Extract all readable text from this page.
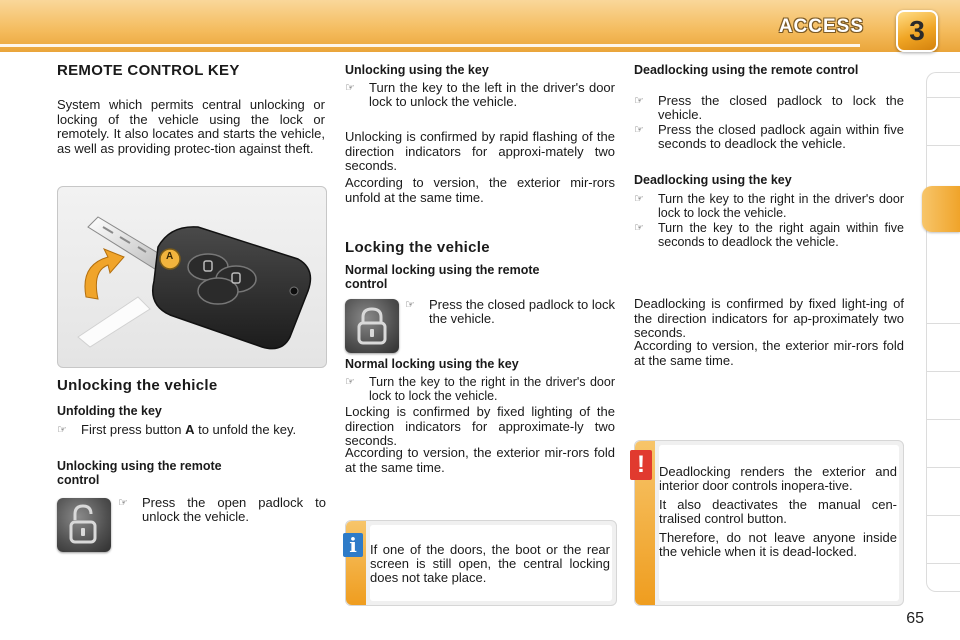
ACCESS	3
REMOTE CONTROL KEY
System which permits central unlocking or locking of the vehicle using the lock or remotely. It also locates and starts the vehicle, as well as providing protec-tion against theft.
A
Unlocking the vehicle
Unfolding the key
☞	First press button A to unfold the key.
Unlocking using the remote control
☞	Press the open padlock to unlock the vehicle.
Unlocking using the key
☞	Turn the key to the left in the driver's door lock to unlock the vehicle.
Unlocking is confirmed by rapid flashing of the direction indicators for approxi-mately two seconds.
According to version, the exterior mir-rors unfold at the same time.
Locking the vehicle
Normal locking using the remote control
☞	Press the closed padlock to lock the vehicle.
Normal locking using the key
☞	Turn the key to the right in the driver's door lock to lock the vehicle.
Locking is confirmed by fixed lighting of the direction indicators for approximate-ly two seconds.
According to version, the exterior mir-rors fold at the same time.
If one of the doors, the boot or the rear screen is still open, the central locking does not take place.
i
Deadlocking using the remote control
☞	Press the closed padlock to lock the vehicle.
☞	Press the closed padlock again within five seconds to deadlock the vehicle.
Deadlocking using the key
☞	Turn the key to the right in the driver's door lock to lock the vehicle.
☞	Turn the key to the right again within five seconds to deadlock the vehicle.
Deadlocking is confirmed by fixed light-ing of the direction indicators for ap-proximately two seconds.
According to version, the exterior mir-rors fold at the same time.

Deadlocking renders the exterior and interior door controls inopera-tive.

It also deactivates the manual cen-tralised control button.

Therefore, do not leave anyone inside the vehicle when it is dead-locked.

!
65
